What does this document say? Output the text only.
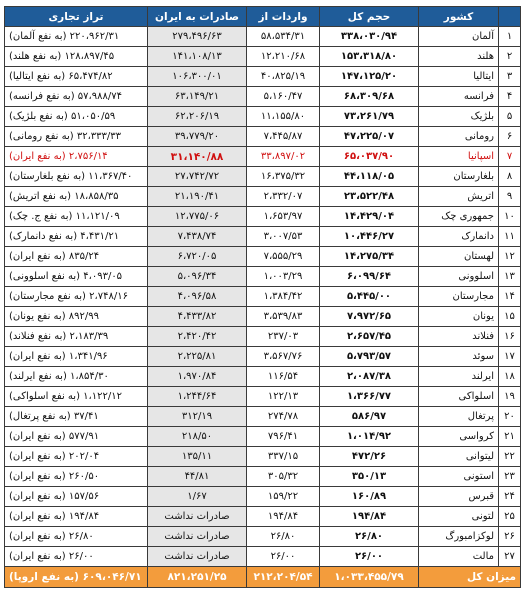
	کشور	حجم کل	واردات از	صادرات به ایران	تراز تجاری
۱	آلمان	۳۳۸،۰۳۰/۹۴	۵۸،۵۳۴/۳۱	۲۷۹،۴۹۶/۶۳	۲۲۰،۹۶۲/۳۱ (به نفع آلمان)
۲	هلند	۱۵۳،۳۱۸/۸۰	۱۲،۲۱۰/۶۸	۱۴۱،۱۰۸/۱۳	۱۲۸،۸۹۷/۴۵ (به نفع هلند)
۳	ایتالیا	۱۴۷،۱۲۵/۲۰	۴۰،۸۲۵/۱۹	۱۰۶،۳۰۰/۰۱	۶۵،۴۷۴/۸۲ (به نفع ایتالیا)
۴	فرانسه	۶۸،۳۰۹/۶۸	۵،۱۶۰/۴۷	۶۳،۱۴۹/۲۱	۵۷،۹۸۸/۷۴ (به نفع فرانسه)
۵	بلژیک	۷۳،۲۶۱/۷۹	۱۱،۱۵۵/۸۰	۶۲،۲۰۶/۱۹	۵۱،۰۵۰/۵۹ (به نفع بلژیک)
۶	رومانی	۴۷،۲۲۵/۰۷	۷،۴۴۵/۸۷	۳۹،۷۷۹/۲۰	۳۲،۳۳۳/۳۳ (به نفع رومانی)
۷	اسپانیا	۶۵،۰۳۷/۹۰	۳۳،۸۹۷/۰۲	۳۱،۱۴۰/۸۸	۲،۷۵۶/۱۴ (به نفع ایران)
۸	بلغارستان	۴۴،۱۱۸/۰۵	۱۶،۳۷۵/۳۲	۲۷،۷۴۲/۷۲	۱۱،۳۶۷/۴۰ (به نفع بلغارستان)
۹	اتریش	۲۳،۵۲۲/۴۸	۲،۳۳۲/۰۷	۲۱،۱۹۰/۴۱	۱۸،۸۵۸/۳۵ (به نفع اتریش)
۱۰	جمهوری چک	۱۴،۴۲۹/۰۴	۱،۶۵۳/۹۷	۱۲،۷۷۵/۰۶	۱۱،۱۲۱/۰۹ (به نفع ج. چک)
۱۱	دانمارک	۱۰،۴۴۶/۲۷	۳،۰۰۷/۵۳	۷،۴۳۸/۷۴	۴،۴۳۱/۲۱ (به نفع دانمارک)
۱۲	لهستان	۱۴،۲۷۵/۳۴	۷،۵۵۵/۲۹	۶،۷۲۰/۰۵	۸۳۵/۲۴ (به نفع ایران)
۱۳	اسلوونی	۶،۰۹۹/۶۴	۱،۰۰۳/۲۹	۵،۰۹۶/۳۴	۴،۰۹۳/۰۵ (به نفع اسلوونی)
۱۴	مجارستان	۵،۴۴۵/۰۰	۱،۳۸۴/۴۲	۴،۰۹۶/۵۸	۲،۷۴۸/۱۶ (به نفع مجارستان)
۱۵	یونان	۷،۹۷۲/۶۵	۳،۵۳۹/۸۳	۴،۴۳۳/۸۲	۸۹۲/۹۹ (به نفع یونان)
۱۶	فنلاند	۲،۶۵۷/۴۵	۲۳۷/۰۳	۲،۴۲۰/۴۲	۲،۱۸۳/۳۹ (به نفع فنلاند)
۱۷	سوئد	۵،۷۹۳/۵۷	۳،۵۶۷/۷۶	۲،۲۲۵/۸۱	۱،۳۴۱/۹۶ (به نفع ایران)
۱۸	ایرلند	۲،۰۸۷/۳۸	۱۱۶/۵۴	۱،۹۷۰/۸۴	۱،۸۵۴/۳۰ (به نفع ایرلند)
۱۹	اسلواکی	۱،۳۶۶/۷۷	۱۲۲/۱۳	۱،۲۴۴/۶۴	۱،۱۲۲/۱۲ (به نفع اسلواکی)
۲۰	پرتغال	۵۸۶/۹۷	۲۷۴/۷۸	۳۱۲/۱۹	۳۷/۴۱ (به نفع پرتغال)
۲۱	کرواسی	۱،۰۱۴/۹۲	۷۹۶/۴۱	۲۱۸/۵۰	۵۷۷/۹۱ (به نفع ایران)
۲۲	لیتوانی	۴۷۲/۲۶	۳۳۷/۱۵	۱۳۵/۱۱	۲۰۲/۰۴ (به نفع ایران)
۲۳	استونی	۳۵۰/۱۳	۳۰۵/۳۲	۴۴/۸۱	۲۶۰/۵۰ (به نفع ایران)
۲۴	قبرس	۱۶۰/۸۹	۱۵۹/۲۲	۱/۶۷	۱۵۷/۵۶ (به نفع ایران)
۲۵	لتونی	۱۹۴/۸۴	۱۹۴/۸۴	صادرات نداشت	۱۹۴/۸۴ (به نفع ایران)
۲۶	لوکزامبورگ	۲۶/۸۰	۲۶/۸۰	صادرات نداشت	۲۶/۸۰ (به نفع ایران)
۲۷	مالت	۲۶/۰۰	۲۶/۰۰	صادرات نداشت	۲۶/۰۰ (به نفع ایران)
میزان کل		۱،۰۳۳،۴۵۵/۷۹	۲۱۲،۲۰۴/۵۴	۸۲۱،۲۵۱/۲۵	۶۰۹،۰۴۶/۷۱ (به نفع اروپا)
